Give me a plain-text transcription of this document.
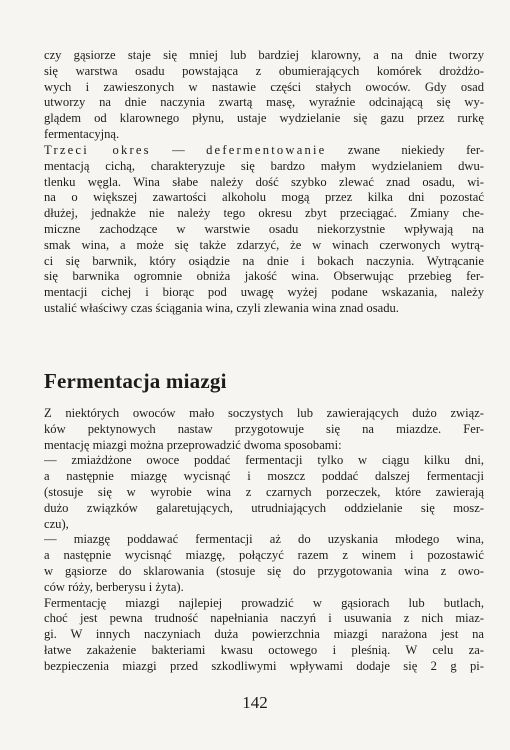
czy gąsiorze staje się mniej lub bardziej klarowny, a na dnie tworzy
się warstwa osadu powstająca z obumierających komórek drożdżo-
wych i zawieszonych w nastawie części stałych owoców. Gdy osad
utworzy na dnie naczynia zwartą masę, wyraźnie odcinającą się wy-
glądem od klarownego płynu, ustaje wydzielanie się gazu przez rurkę
fermentacyjną.
Trzeci okres — defermentowanie zwane niekiedy fer-
mentacją cichą, charakteryzuje się bardzo małym wydzielaniem dwu-
tlenku węgla. Wina słabe należy dość szybko zlewać znad osadu, wi-
na o większej zawartości alkoholu mogą przez kilka dni pozostać
dłużej, jednakże nie należy tego okresu zbyt przeciągać. Zmiany che-
miczne zachodzące w warstwie osadu niekorzystnie wpływają na
smak wina, a może się także zdarzyć, że w winach czerwonych wytrą-
ci się barwnik, który osiądzie na dnie i bokach naczynia. Wytrącanie
się barwnika ogromnie obniża jakość wina. Obserwując przebieg fer-
mentacji cichej i biorąc pod uwagę wyżej podane wskazania, należy
ustalić właściwy czas ściągania wina, czyli zlewania wina znad osadu.
Fermentacja miazgi
Z niektórych owoców mało soczystych lub zawierających dużo związ-
ków pektynowych nastaw przygotowuje się na miazdze. Fer-
mentację miazgi można przeprowadzić dwoma sposobami:
— zmiażdżone owoce poddać fermentacji tylko w ciągu kilku dni,
a następnie miazgę wycisnąć i moszcz poddać dalszej fermentacji
(stosuje się w wyrobie wina z czarnych porzeczek, które zawierają
dużo związków galaretujących, utrudniających oddzielanie się mosz-
czu),
— miazgę poddawać fermentacji aż do uzyskania młodego wina,
a następnie wycisnąć miazgę, połączyć razem z winem i pozostawić
w gąsiorze do sklarowania (stosuje się do przygotowania wina z owo-
ców róży, berberysu i żyta).
Fermentację miazgi najlepiej prowadzić w gąsiorach lub butlach,
choć jest pewna trudność napełniania naczyń i usuwania z nich miaz-
gi. W innych naczyniach duża powierzchnia miazgi narażona jest na
łatwe zakażenie bakteriami kwasu octowego i pleśnią. W celu za-
bezpieczenia miazgi przed szkodliwymi wpływami dodaje się 2 g pi-
142
